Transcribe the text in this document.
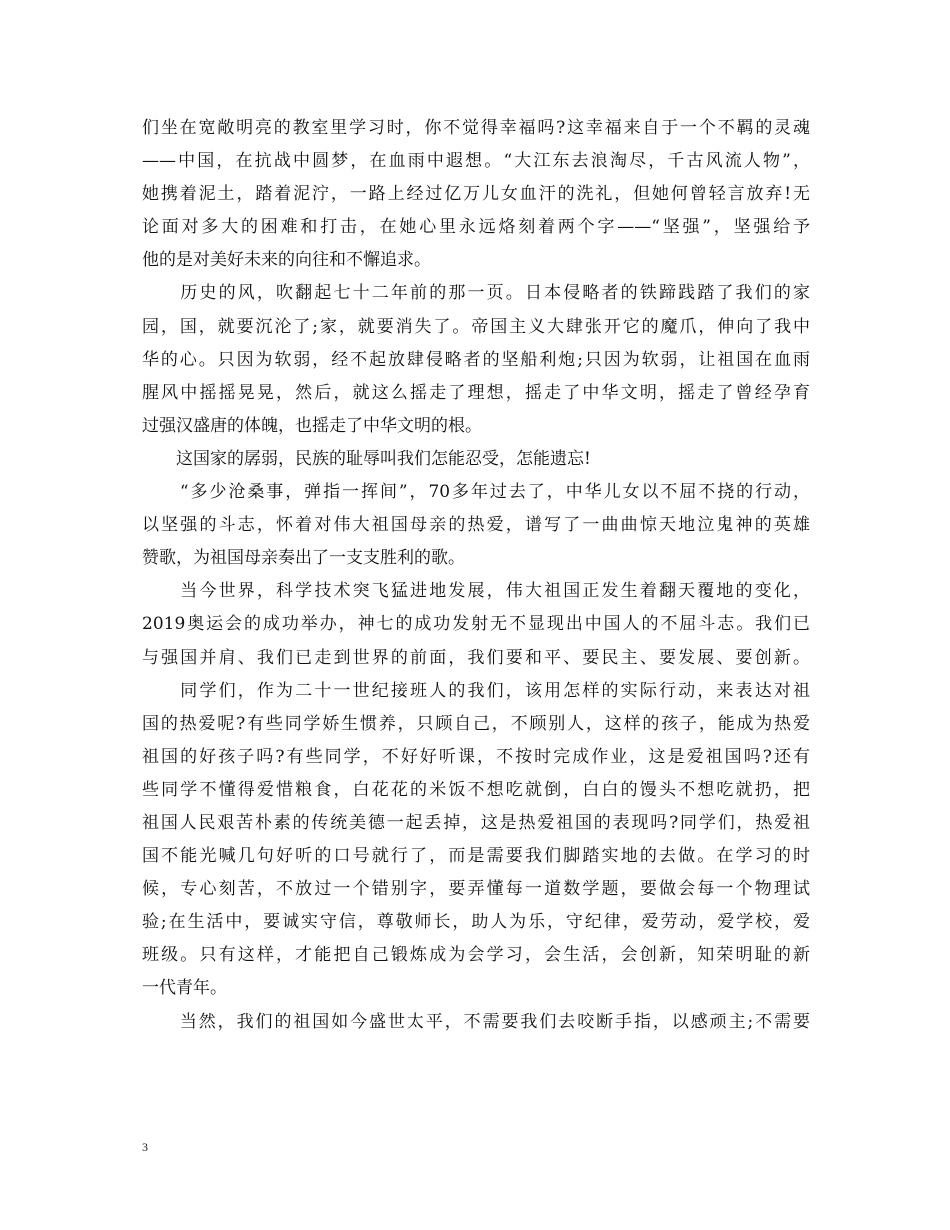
们坐在宽敞明亮的教室里学习时，你不觉得幸福吗?这幸福来自于一个不羁的灵魂
——中国，在抗战中圆梦，在血雨中遐想。“大江东去浪淘尽，千古风流人物”，
她携着泥土，踏着泥泞，一路上经过亿万儿女血汗的洗礼，但她何曾轻言放弃!无
论面对多大的困难和打击，在她心里永远烙刻着两个字——“坚强”，坚强给予
他的是对美好未来的向往和不懈追求。
　　历史的风，吹翻起七十二年前的那一页。日本侵略者的铁蹄践踏了我们的家
园，国，就要沉沦了;家，就要消失了。帝国主义大肆张开它的魔爪，伸向了我中
华的心。只因为软弱，经不起放肆侵略者的坚船利炮;只因为软弱，让祖国在血雨
腥风中摇摇晃晃，然后，就这么摇走了理想，摇走了中华文明，摇走了曾经孕育
过强汉盛唐的体魄，也摇走了中华文明的根。
　　这国家的孱弱，民族的耻辱叫我们怎能忍受，怎能遗忘!
　　“多少沧桑事，弹指一挥间”，70多年过去了，中华儿女以不屈不挠的行动，
以坚强的斗志，怀着对伟大祖国母亲的热爱，谱写了一曲曲惊天地泣鬼神的英雄
赞歌，为祖国母亲奏出了一支支胜利的歌。
　　当今世界，科学技术突飞猛进地发展，伟大祖国正发生着翻天覆地的变化，
2019奥运会的成功举办，神七的成功发射无不显现出中国人的不屈斗志。我们已
与强国并肩、我们已走到世界的前面，我们要和平、要民主、要发展、要创新。
　　同学们，作为二十一世纪接班人的我们，该用怎样的实际行动，来表达对祖
国的热爱呢?有些同学娇生惯养，只顾自己，不顾别人，这样的孩子，能成为热爱
祖国的好孩子吗?有些同学，不好好听课，不按时完成作业，这是爱祖国吗?还有
些同学不懂得爱惜粮食，白花花的米饭不想吃就倒，白白的馒头不想吃就扔，把
祖国人民艰苦朴素的传统美德一起丢掉，这是热爱祖国的表现吗?同学们，热爱祖
国不能光喊几句好听的口号就行了，而是需要我们脚踏实地的去做。在学习的时
候，专心刻苦，不放过一个错别字，要弄懂每一道数学题，要做会每一个物理试
验;在生活中，要诚实守信，尊敬师长，助人为乐，守纪律，爱劳动，爱学校，爱
班级。只有这样，才能把自己锻炼成为会学习，会生活，会创新，知荣明耻的新
一代青年。
　　当然，我们的祖国如今盛世太平，不需要我们去咬断手指，以感顽主;不需要
3
